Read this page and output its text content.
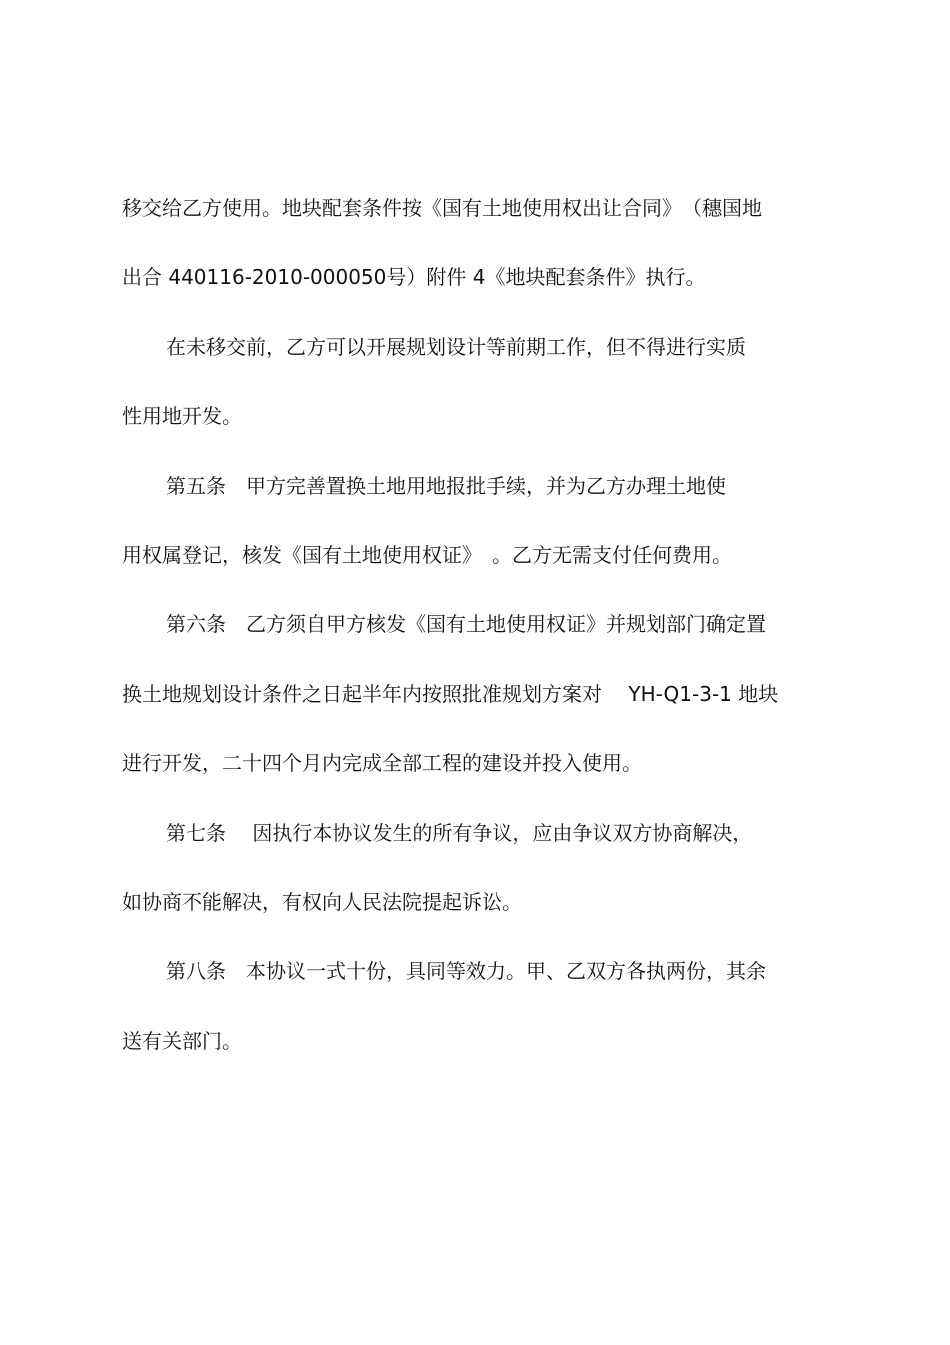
移交给乙方使用。地块配套条件按《国有土地使用权出让合同》　（穗国地
出合 440116-2010-000050号）附件 4《地块配套条件》执行。
在未移交前，乙方可以开展规划设计等前期工作，但不得进行实质
性用地开发。
第五条　甲方完善置换土地用地报批手续，并为乙方办理土地使
用权属登记，核发《国有土地使用权证》　。乙方无需支付任何费用。
第六条　乙方须自甲方核发《国有土地使用权证》并规划部门确定置
换土地规划设计条件之日起半年内按照批准规划方案对　 YH-Q1-3-1 地块
进行开发，二十四个月内完成全部工程的建设并投入使用。
第七条　 因执行本协议发生的所有争议，应由争议双方协商解决，
如协商不能解决，有权向人民法院提起诉讼。
第八条　本协议一式十份，具同等效力。甲、乙双方各执两份，其余
送有关部门。
